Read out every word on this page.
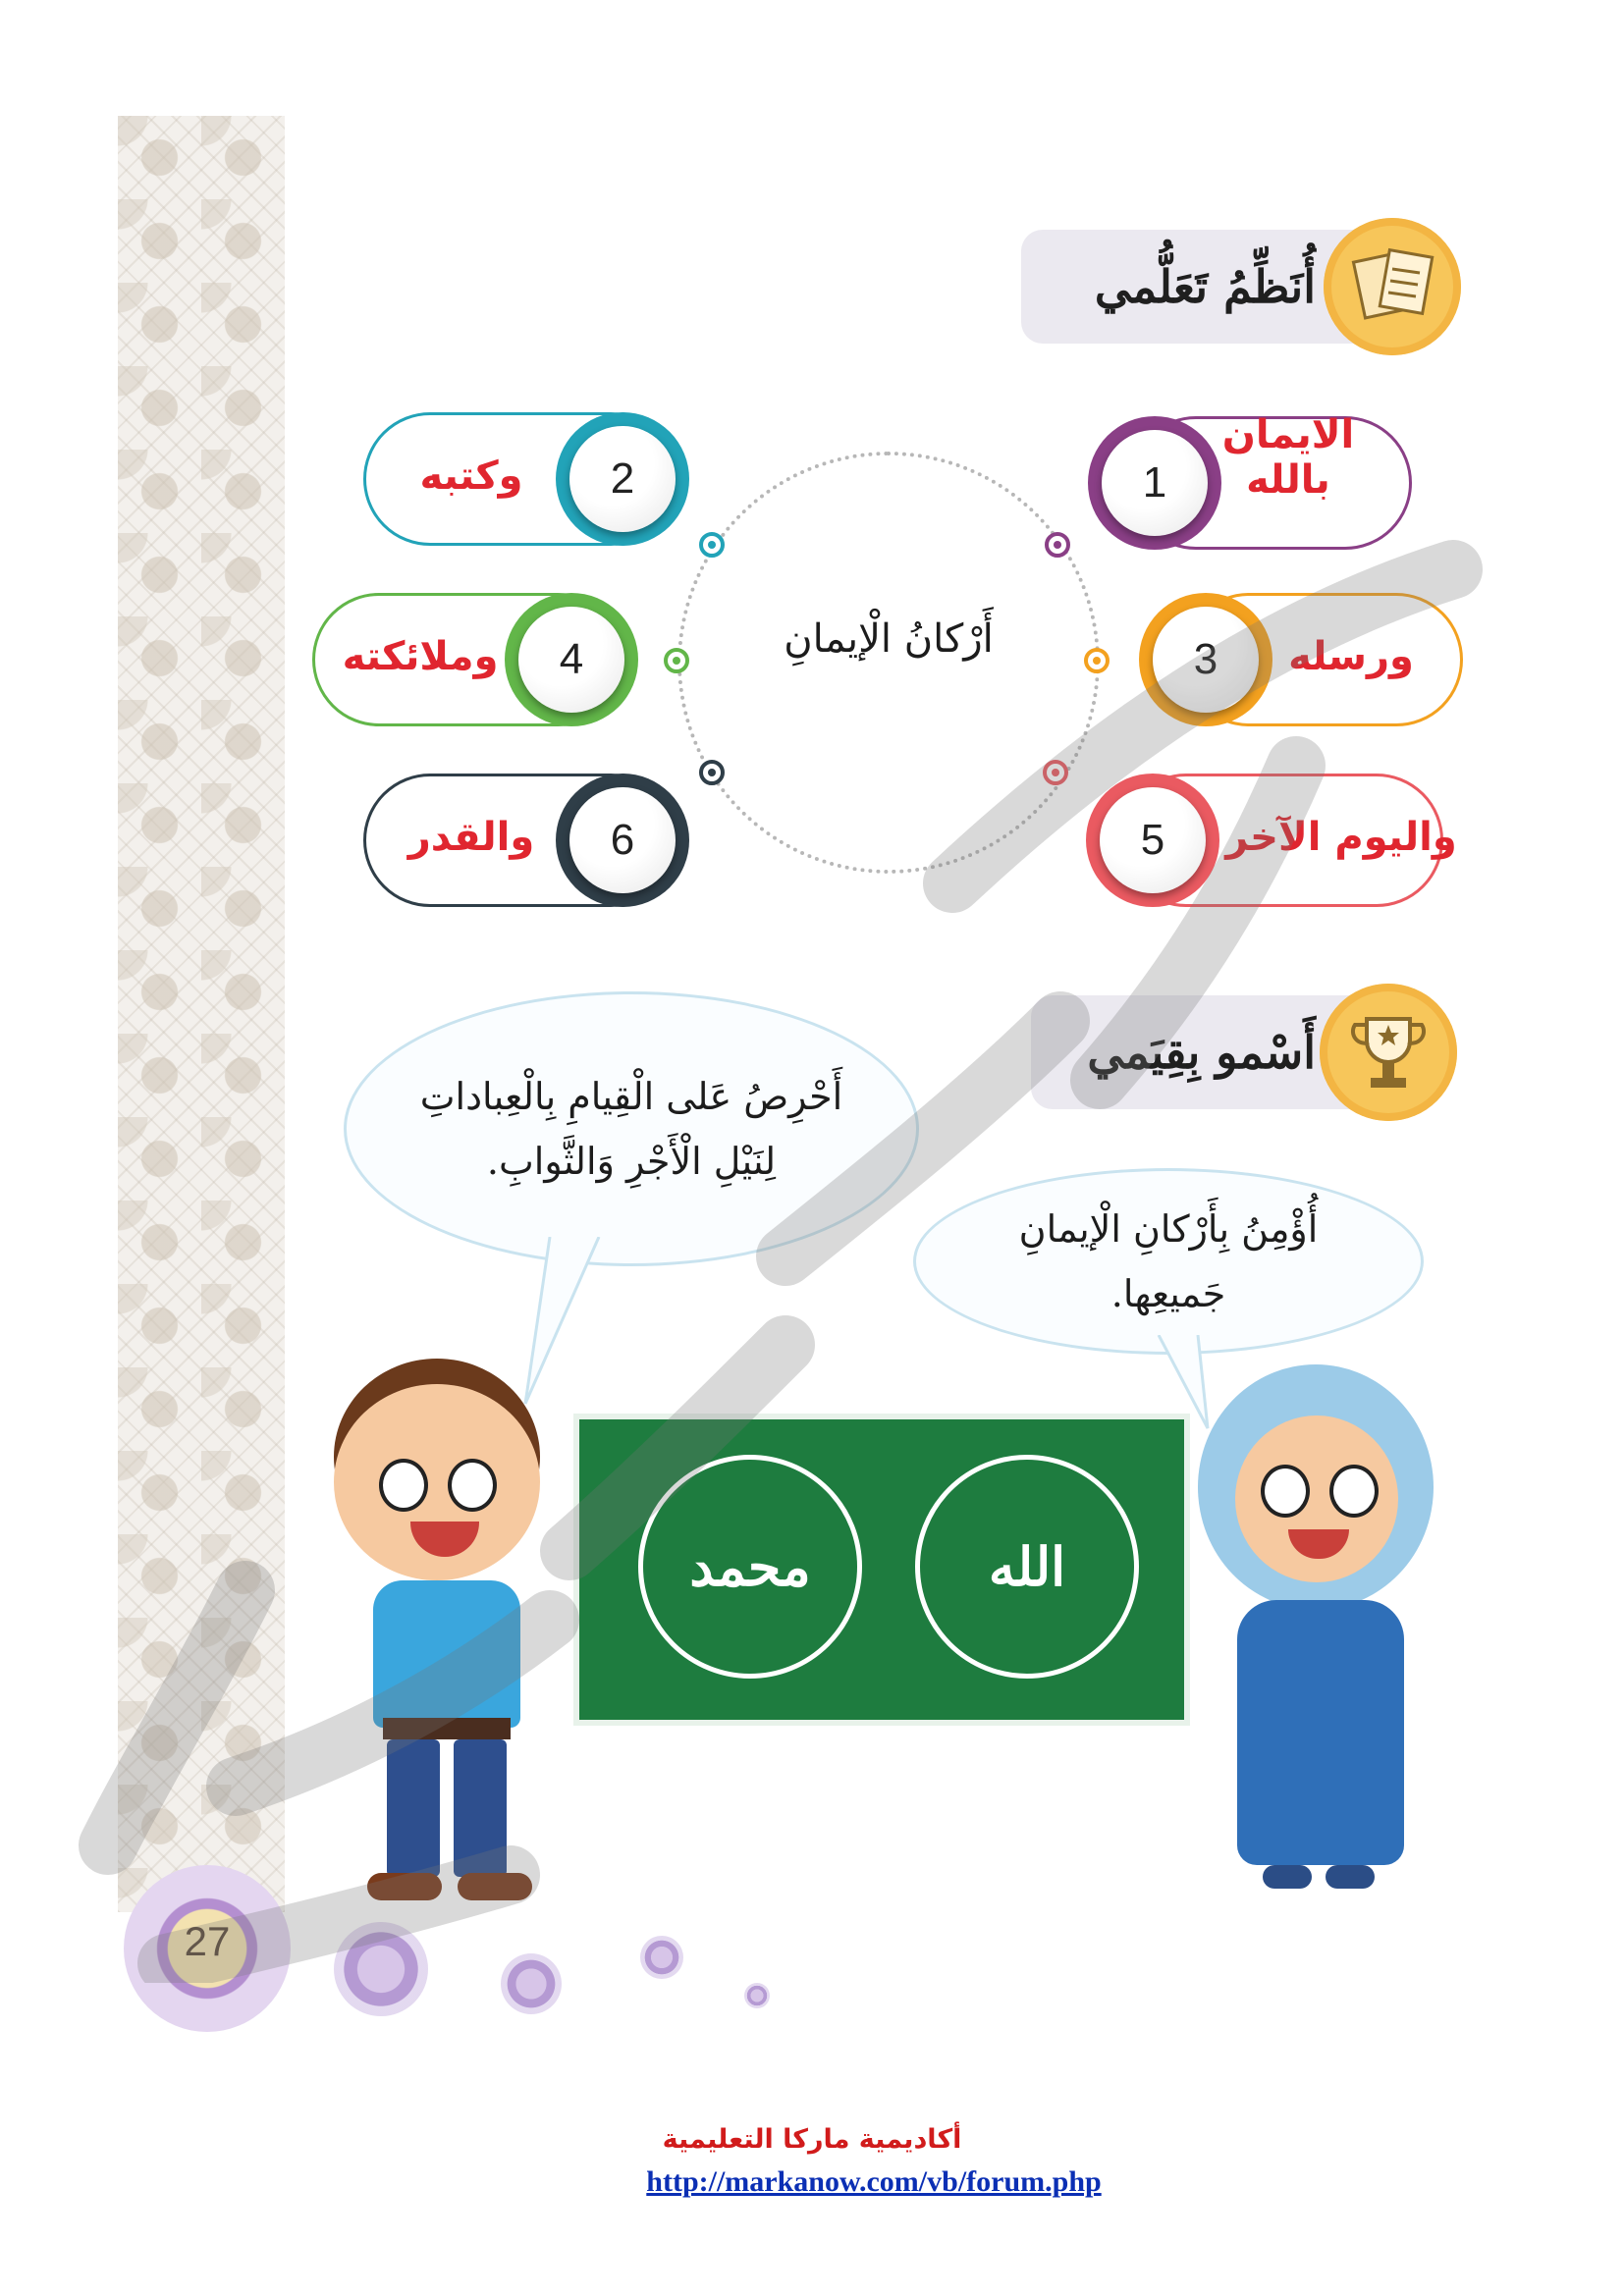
أُنَظِّمُ تَعَلُّمي
أَرْكانُ الْإيمانِ
الايمان بالله
1
وكتبه	2
ورسله
3
وملائكته	4
واليوم الآخر
5
والقدر	6
أَسْمو بِقِيَمي
أَحْرِصُ عَلى الْقِيامِ بِالْعِباداتِ لِنَيْلِ الْأَجْرِ وَالثَّوابِ.
أُؤْمِنُ بِأَرْكانِ الْإيمانِ جَميعِها.
الله
محمد
27
أكاديمية ماركا التعليمية
http://markanow.com/vb/forum.php
